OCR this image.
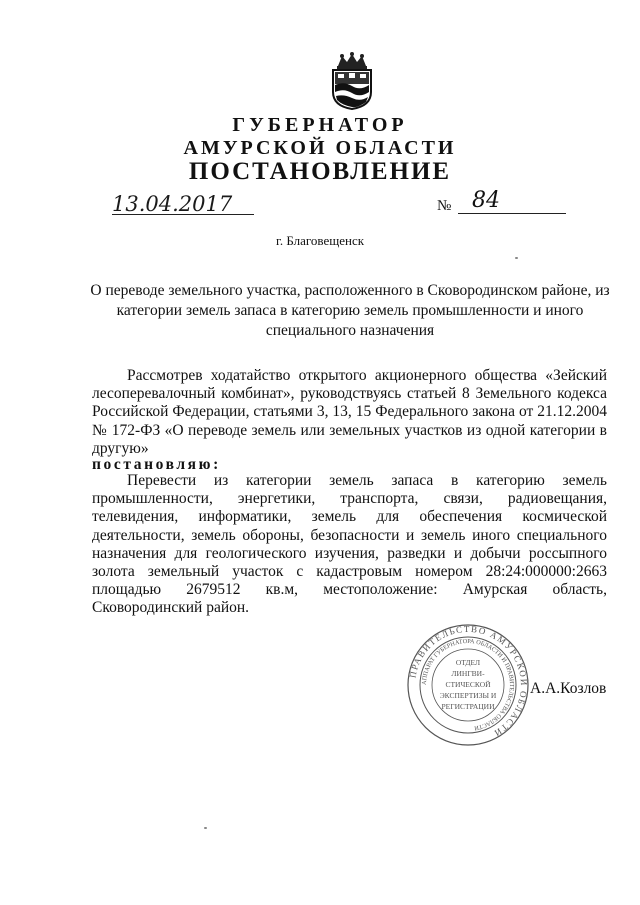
ГУБЕРНАТОР
АМУРСКОЙ ОБЛАСТИ
ПОСТАНОВЛЕНИЕ
13.04.2017	№ 84
г. Благовещенск
О переводе земельного участка, расположенного в Сковородинском районе, из категории земель запаса в категорию земель промышленности и иного специального назначения
Рассмотрев ходатайство открытого акционерного общества «Зейский лесоперевалочный комбинат», руководствуясь статьей 8 Земельного кодекса Российской Федерации, статьями 3, 13, 15 Федерального закона от 21.12.2004 № 172-ФЗ «О переводе земель или земельных участков из одной категории в другую»
постановляю:
Перевести из категории земель запаса в категорию земель промышленности, энергетики, транспорта, связи, радиовещания, телевидения, информатики, земель для обеспечения космической деятельности, земель обороны, безопасности и земель иного специального назначения для геологического изучения, разведки и добычи россыпного золота земельный участок с кадастровым номером 28:24:000000:2663 площадью 2679512 кв.м, местоположение: Амурская область, Сковородинский район.
ПРАВИТЕЛЬСТВО АМУРСКОЙ ОБЛАСТИ
АППАРАТ ГУБЕРНАТОРА ОБЛАСТИ И ПРАВИТЕЛЬСТВА ОБЛАСТИ
ОТДЕЛ
ЛИНГВИ-
СТИЧЕСКОЙ
ЭКСПЕРТИЗЫ И
РЕГИСТРАЦИИ
А.А.Козлов
